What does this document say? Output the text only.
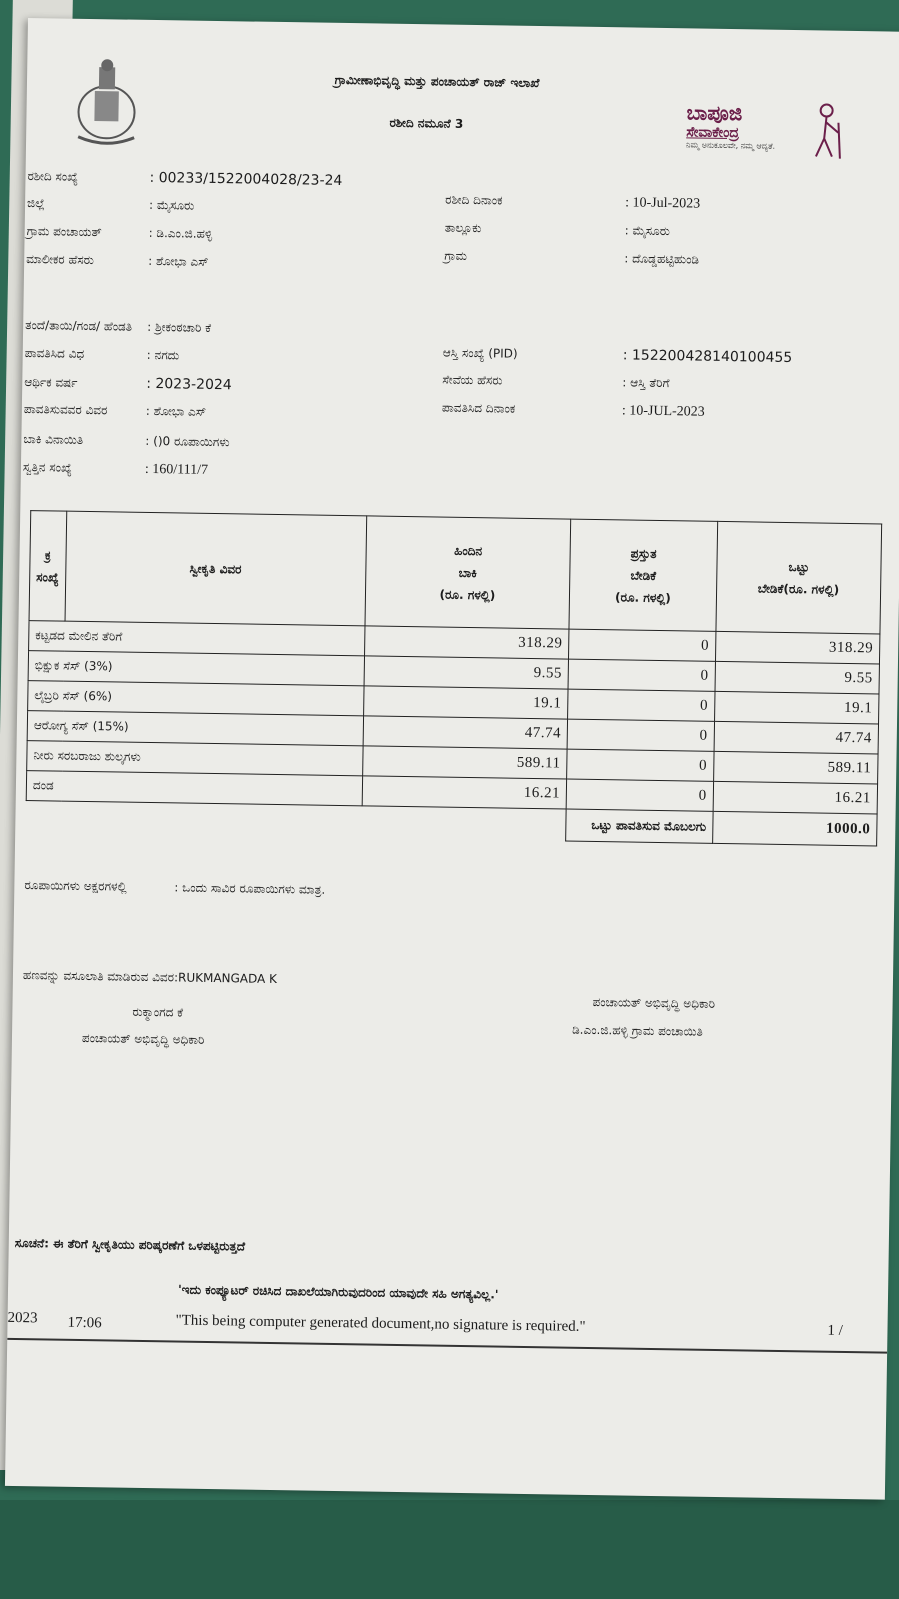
ಗ್ರಾಮೀಣಾಭಿವೃದ್ಧಿ ಮತ್ತು ಪಂಚಾಯತ್ ರಾಜ್ ಇಲಾಖೆ
ರಶೀದಿ ನಮೂನೆ 3	ಬಾಪೂಜಿ
ಸೇವಾಕೇಂದ್ರ
ನಿಮ್ಮ ಅನುಕೂಲವೇ, ನಮ್ಮ ಆದ್ಯತೆ.
ರಶೀದಿ ಸಂಖ್ಯೆ	: 00233/1522004028/23-24
ಜಿಲ್ಲೆ	: ಮೈಸೂರು
ಗ್ರಾಮ ಪಂಚಾಯತ್	: ಡಿ.ಎಂ.ಜಿ.ಹಳ್ಳಿ
ಮಾಲೀಕರ ಹೆಸರು	: ಶೋಭಾ ಎಸ್
ತಂದೆ/ತಾಯಿ/ಗಂಡ/ ಹೆಂಡತಿ : ಶ್ರೀಕಂಠಚಾರಿ ಕೆ
ಪಾವತಿಸಿದ ವಿಧ	: ನಗದು
ಆರ್ಥಿಕ ವರ್ಷ	: 2023-2024
ಪಾವತಿಸುವವರ ವಿವರ	: ಶೋಭಾ ಎಸ್
ಬಾಕಿ ವಿನಾಯಿತಿ	: ()0 ರೂಪಾಯಿಗಳು
ಸ್ವತ್ತಿನ ಸಂಖ್ಯೆ	: 160/111/7
ರಶೀದಿ ದಿನಾಂಕ	: 10-Jul-2023
ತಾಲ್ಲೂಕು	: ಮೈಸೂರು
ಗ್ರಾಮ	: ದೊಡ್ಡಹಟ್ಟಿಹುಂಡಿ
ಆಸ್ತಿ ಸಂಖ್ಯೆ (PID)	: 152200428140100455
ಸೇವೆಯ ಹೆಸರು	: ಆಸ್ತಿ ತೆರಿಗೆ
ಪಾವತಿಸಿದ ದಿನಾಂಕ	: 10-JUL-2023
ಕ್ರ ಸಂಖ್ಯೆ	ಸ್ವೀಕೃತಿ ವಿವರ	ಹಿಂದಿನ
ಬಾಕಿ
(ರೂ. ಗಳಲ್ಲಿ)	ಪ್ರಸ್ತುತ
ಬೇಡಿಕೆ
(ರೂ. ಗಳಲ್ಲಿ)	ಒಟ್ಟು
ಬೇಡಿಕೆ(ರೂ. ಗಳಲ್ಲಿ)
ಕಟ್ಟಡದ ಮೇಲಿನ ತೆರಿಗೆ		318.29	0	318.29
ಭಿಕ್ಷುಕ ಸೆಸ್ (3%)		9.55	0	9.55
ಲೈಬ್ರರಿ ಸೆಸ್ (6%)		19.1	0	19.1
ಆರೋಗ್ಯ ಸೆಸ್ (15%)		47.74	0	47.74
ನೀರು ಸರಬರಾಜು ಶುಲ್ಕಗಳು		589.11	0	589.11
ದಂಡ		16.21	0	16.21
			ಒಟ್ಟು ಪಾವತಿಸುವ ಮೊಬಲಗು	1000.0
ರೂಪಾಯಿಗಳು ಅಕ್ಷರಗಳಲ್ಲಿ	: ಒಂದು ಸಾವಿರ ರೂಪಾಯಿಗಳು ಮಾತ್ರ.
ಹಣವನ್ನು ವಸೂಲಾತಿ ಮಾಡಿರುವ ವಿವರ:RUKMANGADA K
ರುಕ್ಮಾಂಗದ ಕೆ
ಪಂಚಾಯತ್ ಅಭಿವೃದ್ಧಿ ಅಧಿಕಾರಿ
ಪಂಚಾಯತ್ ಅಭಿವೃದ್ಧಿ ಅಧಿಕಾರಿ
ಡಿ.ಎಂ.ಜಿ.ಹಳ್ಳಿ ಗ್ರಾಮ ಪಂಚಾಯಿತಿ
ಸೂಚನೆ: ಈ ತೆರಿಗೆ ಸ್ವೀಕೃತಿಯು ಪರಿಷ್ಕರಣೆಗೆ ಒಳಪಟ್ಟಿರುತ್ತದೆ
'ಇದು ಕಂಪ್ಯೂಟರ್ ರಚಿಸಿದ ದಾಖಲೆಯಾಗಿರುವುದರಿಂದ ಯಾವುದೇ ಸಹಿ ಅಗತ್ಯವಿಲ್ಲ.'
"This being computer generated document,no signature is required."
2023 17:06	1 /
